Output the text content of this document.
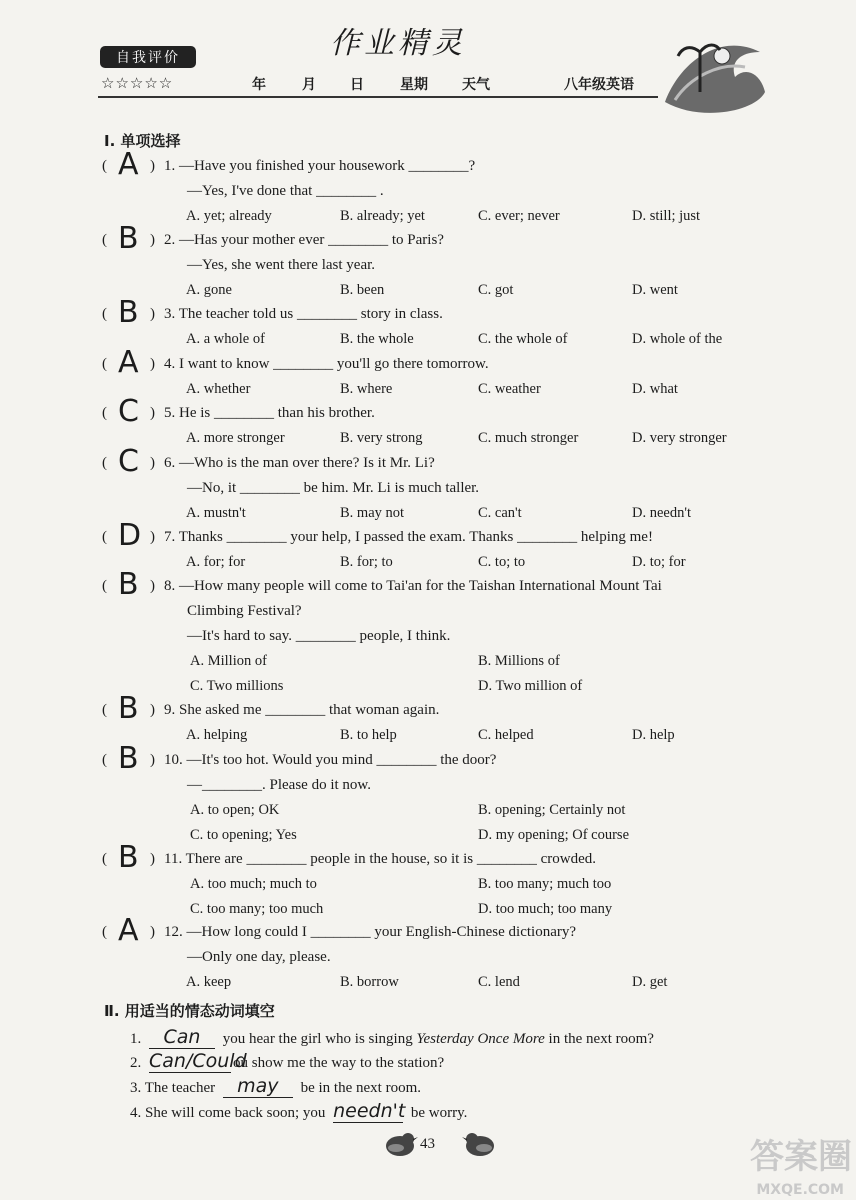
自我评价
☆☆☆☆☆
作业精灵
年	月 日	星期 天气	八年级英语
Ⅰ. 单项选择
( A ) 1. —Have you finished your housework ________?
—Yes, I've done that ________ .
A. yet; already	B. already; yet	C. ever; never	D. still; just
( B ) 2. —Has your mother ever ________ to Paris?
—Yes, she went there last year.
A. gone	B. been	C. got	D. went
( B ) 3. The teacher told us ________ story in class.
A. a whole of	B. the whole	C. the whole of	D. whole of the
( A ) 4. I want to know ________ you'll go there tomorrow.
A. whether	B. where	C. weather	D. what
( C ) 5. He is ________ than his brother.
A. more stronger	B. very strong	C. much stronger	D. very stronger
( C ) 6. —Who is the man over there? Is it Mr. Li?
—No, it ________ be him. Mr. Li is much taller.
A. mustn't	B. may not	C. can't	D. needn't
( D ) 7. Thanks ________ your help, I passed the exam. Thanks ________ helping me!
A. for; for	B. for; to	C. to; to	D. to; for
( B ) 8. —How many people will come to Tai'an for the Taishan International Mount Tai
Climbing Festival?
—It's hard to say. ________ people, I think.
A. Million of	B. Millions of
C. Two millions	D. Two million of
( B ) 9. She asked me ________ that woman again.
A. helping	B. to help	C. helped	D. help
( B ) 10. —It's too hot. Would you mind ________ the door?
—________. Please do it now.
A. to open; OK	B. opening; Certainly not
C. to opening; Yes	D. my opening; Of course
( B ) 11. There are ________ people in the house, so it is ________ crowded.
A. too much; much to	B. too many; much too
C. too many; too much	D. too much; too many
( A ) 12. —How long could I ________ your English-Chinese dictionary?
—Only one day, please.
A. keep	B. borrow	C. lend	D. get
Ⅱ. 用适当的情态动词填空
1. Can you hear the girl who is singing Yesterday Once More in the next room?
2. Can/Couldou show me the way to the station?
3. The teacher may be in the next room.
4. She will come back soon; you needn't be worry.
43	答案圈
MXQE.COM
